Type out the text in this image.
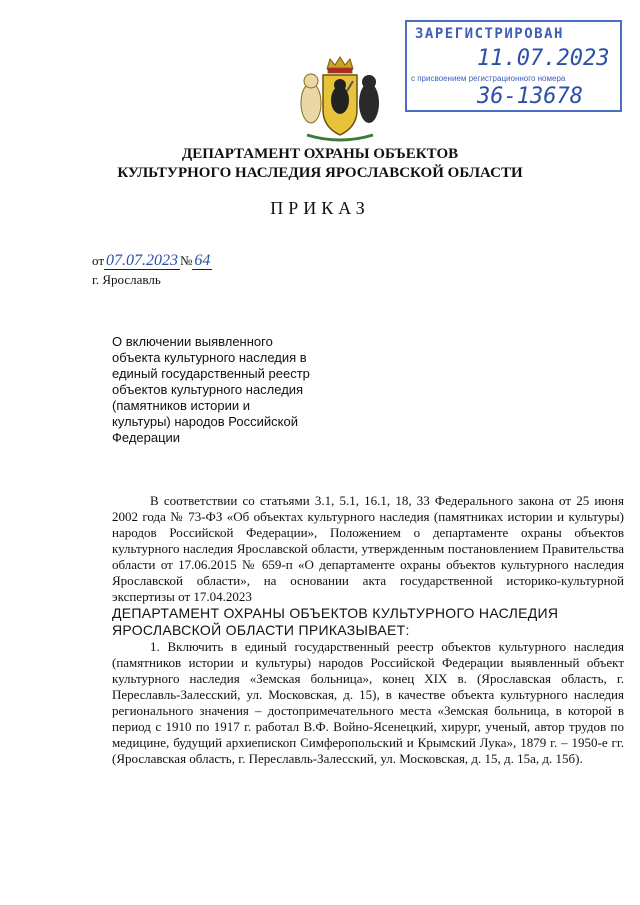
ЗАРЕГИСТРИРОВАН
11.07.2023
с присвоением регистрационного номера
36-13678
ДЕПАРТАМЕНТ ОХРАНЫ ОБЪЕКТОВ
КУЛЬТУРНОГО НАСЛЕДИЯ ЯРОСЛАВСКОЙ ОБЛАСТИ
ПРИКАЗ
от 07.07.2023 № 64
г. Ярославль
О включении выявленного объекта культурного наследия в единый государственный реестр объектов культурного наследия (памятников истории и культуры) народов Российской Федерации

В соответствии со статьями 3.1, 5.1, 16.1, 18, 33 Федерального закона от 25 июня 2002 года № 73-ФЗ «Об объектах культурного наследия (памятниках истории и культуры) народов Российской Федерации», Положением о департаменте охраны объектов культурного наследия Ярославской области, утвержденным постановлением Правительства области от 17.06.2015 № 659-п «О департаменте охраны объектов культурного наследия Ярославской области», на основании акта государственной историко-культурной экспертизы от 17.04.2023

ДЕПАРТАМЕНТ ОХРАНЫ ОБЪЕКТОВ КУЛЬТУРНОГО НАСЛЕДИЯ ЯРОСЛАВСКОЙ ОБЛАСТИ ПРИКАЗЫВАЕТ:

1. Включить в единый государственный реестр объектов культурного наследия (памятников истории и культуры) народов Российской Федерации выявленный объект культурного наследия «Земская больница», конец XIX в. (Ярославская область, г. Переславль-Залесский, ул. Московская, д. 15), в качестве объекта культурного наследия регионального значения – достопримечательного места «Земская больница, в которой в период с 1910 по 1917 г. работал В.Ф. Войно-Ясенецкий, хирург, ученый, автор трудов по медицине, будущий архиепископ Симферопольский и Крымский Лука», 1879 г. – 1950-е гг. (Ярославская область, г. Переславль-Залесский, ул. Московская, д. 15, д. 15а, д. 15б).
